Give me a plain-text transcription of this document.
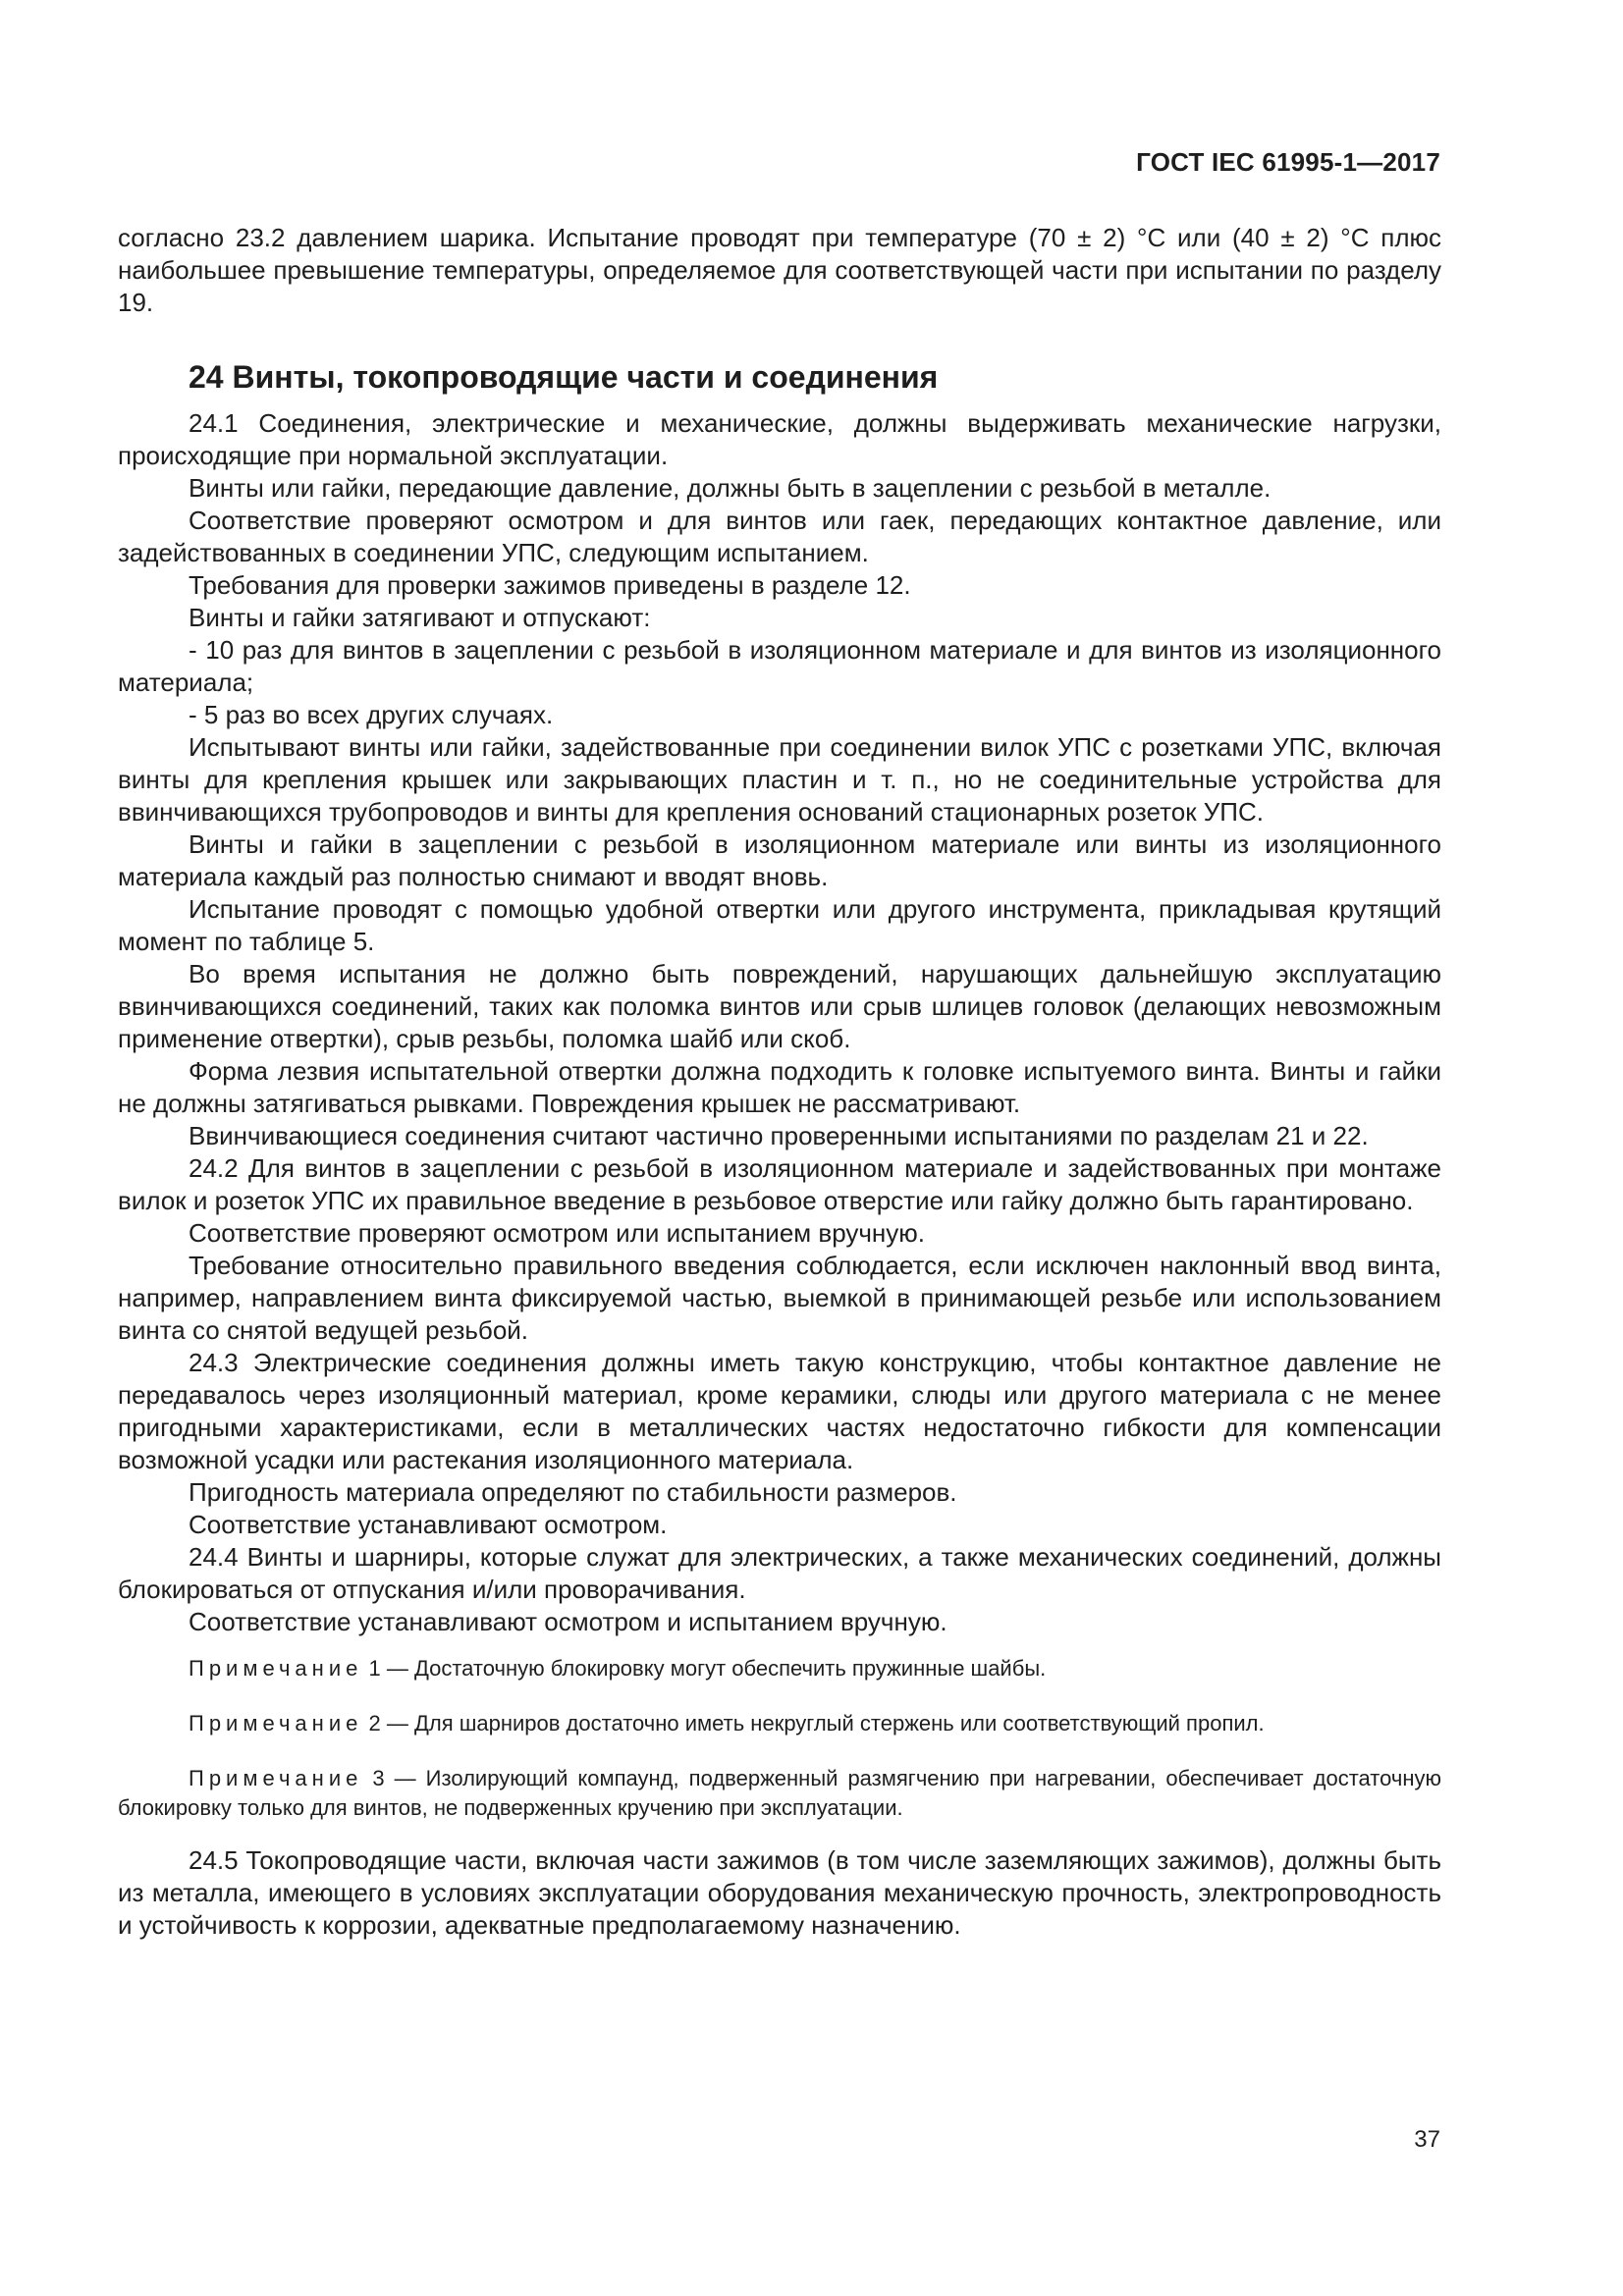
ГОСТ IEC 61995-1—2017

согласно 23.2 давлением шарика. Испытание проводят при температуре (70 ± 2) °С или (40 ± 2) °С плюс наибольшее превышение температуры, определяемое для соответствующей части при испытании по разделу 19.

24 Винты, токопроводящие части и соединения

24.1 Соединения, электрические и механические, должны выдерживать механические нагрузки, происходящие при нормальной эксплуатации.

Винты или гайки, передающие давление, должны быть в зацеплении с резьбой в металле.

Соответствие проверяют осмотром и для винтов или гаек, передающих контактное давление, или задействованных в соединении УПС, следующим испытанием.

Требования для проверки зажимов приведены в разделе 12.

Винты и гайки затягивают и отпускают:

- 10 раз для винтов в зацеплении с резьбой в изоляционном материале и для винтов из изоляционного материала;

- 5 раз во всех других случаях.

Испытывают винты или гайки, задействованные при соединении вилок УПС с розетками УПС, включая винты для крепления крышек или закрывающих пластин и т. п., но не соединительные устройства для ввинчивающихся трубопроводов и винты для крепления оснований стационарных розеток УПС.

Винты и гайки в зацеплении с резьбой в изоляционном материале или винты из изоляционного материала каждый раз полностью снимают и вводят вновь.

Испытание проводят с помощью удобной отвертки или другого инструмента, прикладывая крутящий момент по таблице 5.

Во время испытания не должно быть повреждений, нарушающих дальнейшую эксплуатацию ввинчивающихся соединений, таких как поломка винтов или срыв шлицев головок (делающих невозможным применение отвертки), срыв резьбы, поломка шайб или скоб.

Форма лезвия испытательной отвертки должна подходить к головке испытуемого винта. Винты и гайки не должны затягиваться рывками. Повреждения крышек не рассматривают.

Ввинчивающиеся соединения считают частично проверенными испытаниями по разделам 21 и 22.

24.2 Для винтов в зацеплении с резьбой в изоляционном материале и задействованных при монтаже вилок и розеток УПС их правильное введение в резьбовое отверстие или гайку должно быть гарантировано.

Соответствие проверяют осмотром или испытанием вручную.

Требование относительно правильного введения соблюдается, если исключен наклонный ввод винта, например, направлением винта фиксируемой частью, выемкой в принимающей резьбе или использованием винта со снятой ведущей резьбой.

24.3 Электрические соединения должны иметь такую конструкцию, чтобы контактное давление не передавалось через изоляционный материал, кроме керамики, слюды или другого материала с не менее пригодными характеристиками, если в металлических частях недостаточно гибкости для компенсации возможной усадки или растекания изоляционного материала.

Пригодность материала определяют по стабильности размеров.

Соответствие устанавливают осмотром.

24.4 Винты и шарниры, которые служат для электрических, а также механических соединений, должны блокироваться от отпускания и/или проворачивания.

Соответствие устанавливают осмотром и испытанием вручную.

Примечание 1 — Достаточную блокировку могут обеспечить пружинные шайбы.

Примечание 2 — Для шарниров достаточно иметь некруглый стержень или соответствующий пропил.

Примечание 3 — Изолирующий компаунд, подверженный размягчению при нагревании, обеспечивает достаточную блокировку только для винтов, не подверженных кручению при эксплуатации.

24.5 Токопроводящие части, включая части зажимов (в том числе заземляющих зажимов), должны быть из металла, имеющего в условиях эксплуатации оборудования механическую прочность, электропроводность и устойчивость к коррозии, адекватные предполагаемому назначению.

37
